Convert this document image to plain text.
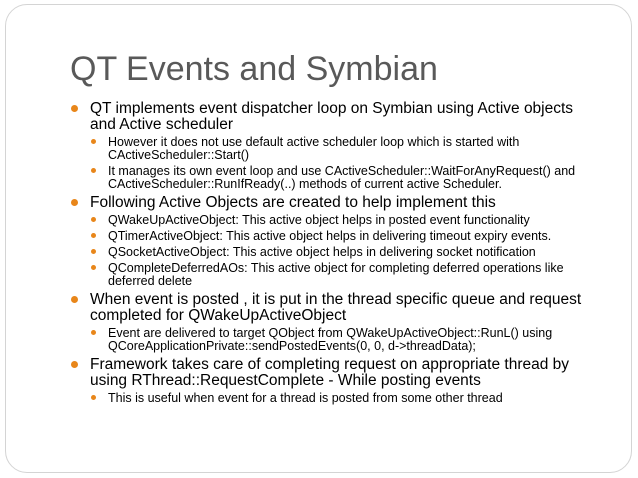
QT Events and Symbian
QT implements event dispatcher loop on Symbian using Active objects and Active scheduler
However it does not use default active scheduler loop which is started with CActiveScheduler::Start()
It manages its own event loop and use CActiveScheduler::WaitForAnyRequest() and CActiveScheduler::RunIfReady(..) methods of current active Scheduler.
Following Active Objects are created to help implement this
QWakeUpActiveObject: This active object helps in posted event functionality
QTimerActiveObject: This active object helps in delivering timeout expiry events.
QSocketActiveObject: This active object helps in delivering socket notification
QCompleteDeferredAOs: This active object for completing deferred operations like deferred delete
When event is posted , it is put in the thread specific queue and request completed for QWakeUpActiveObject
Event are delivered to target QObject from QWakeUpActiveObject::RunL() using QCoreApplicationPrivate::sendPostedEvents(0, 0, d->threadData);
Framework takes care of completing request on appropriate thread by using RThread::RequestComplete - While posting events
This is useful when event for a thread is posted from some other thread
